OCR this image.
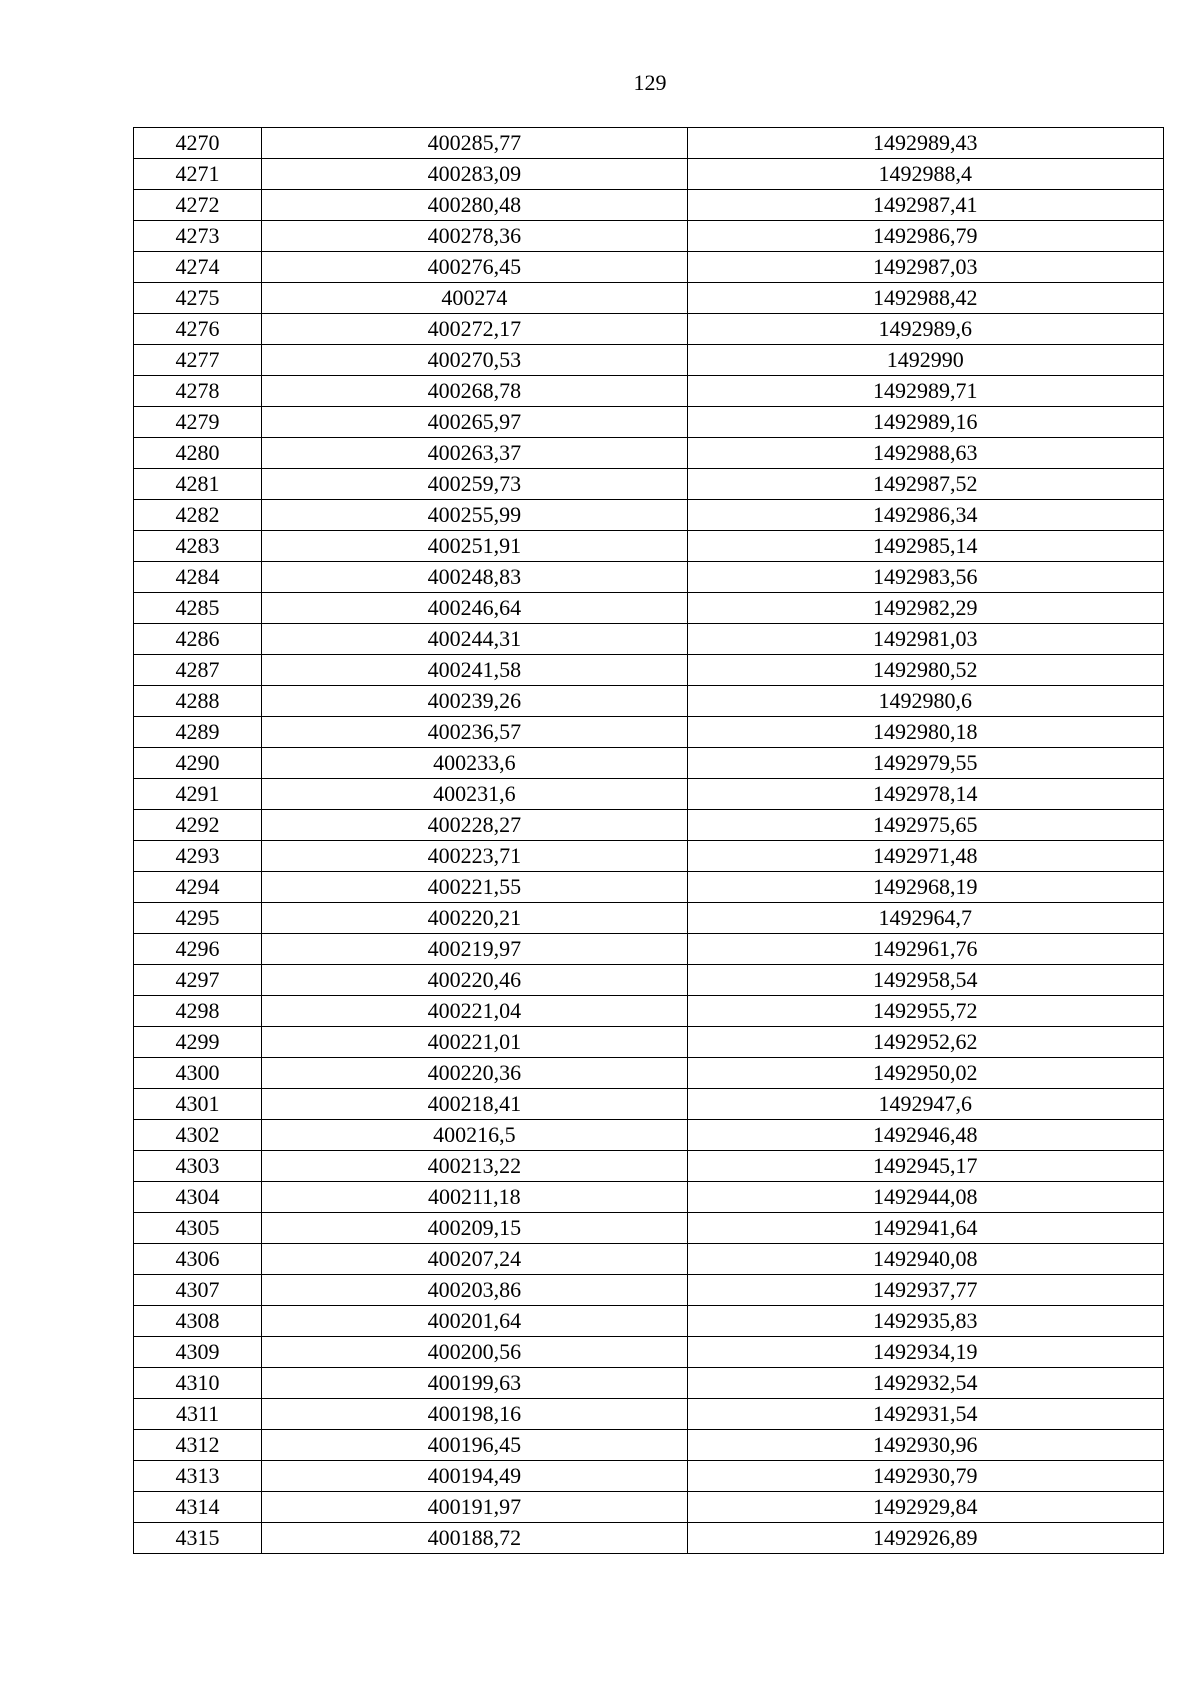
129
4270	400285,77	1492989,43
4271	400283,09	1492988,4
4272	400280,48	1492987,41
4273	400278,36	1492986,79
4274	400276,45	1492987,03
4275	400274	1492988,42
4276	400272,17	1492989,6
4277	400270,53	1492990
4278	400268,78	1492989,71
4279	400265,97	1492989,16
4280	400263,37	1492988,63
4281	400259,73	1492987,52
4282	400255,99	1492986,34
4283	400251,91	1492985,14
4284	400248,83	1492983,56
4285	400246,64	1492982,29
4286	400244,31	1492981,03
4287	400241,58	1492980,52
4288	400239,26	1492980,6
4289	400236,57	1492980,18
4290	400233,6	1492979,55
4291	400231,6	1492978,14
4292	400228,27	1492975,65
4293	400223,71	1492971,48
4294	400221,55	1492968,19
4295	400220,21	1492964,7
4296	400219,97	1492961,76
4297	400220,46	1492958,54
4298	400221,04	1492955,72
4299	400221,01	1492952,62
4300	400220,36	1492950,02
4301	400218,41	1492947,6
4302	400216,5	1492946,48
4303	400213,22	1492945,17
4304	400211,18	1492944,08
4305	400209,15	1492941,64
4306	400207,24	1492940,08
4307	400203,86	1492937,77
4308	400201,64	1492935,83
4309	400200,56	1492934,19
4310	400199,63	1492932,54
4311	400198,16	1492931,54
4312	400196,45	1492930,96
4313	400194,49	1492930,79
4314	400191,97	1492929,84
4315	400188,72	1492926,89
